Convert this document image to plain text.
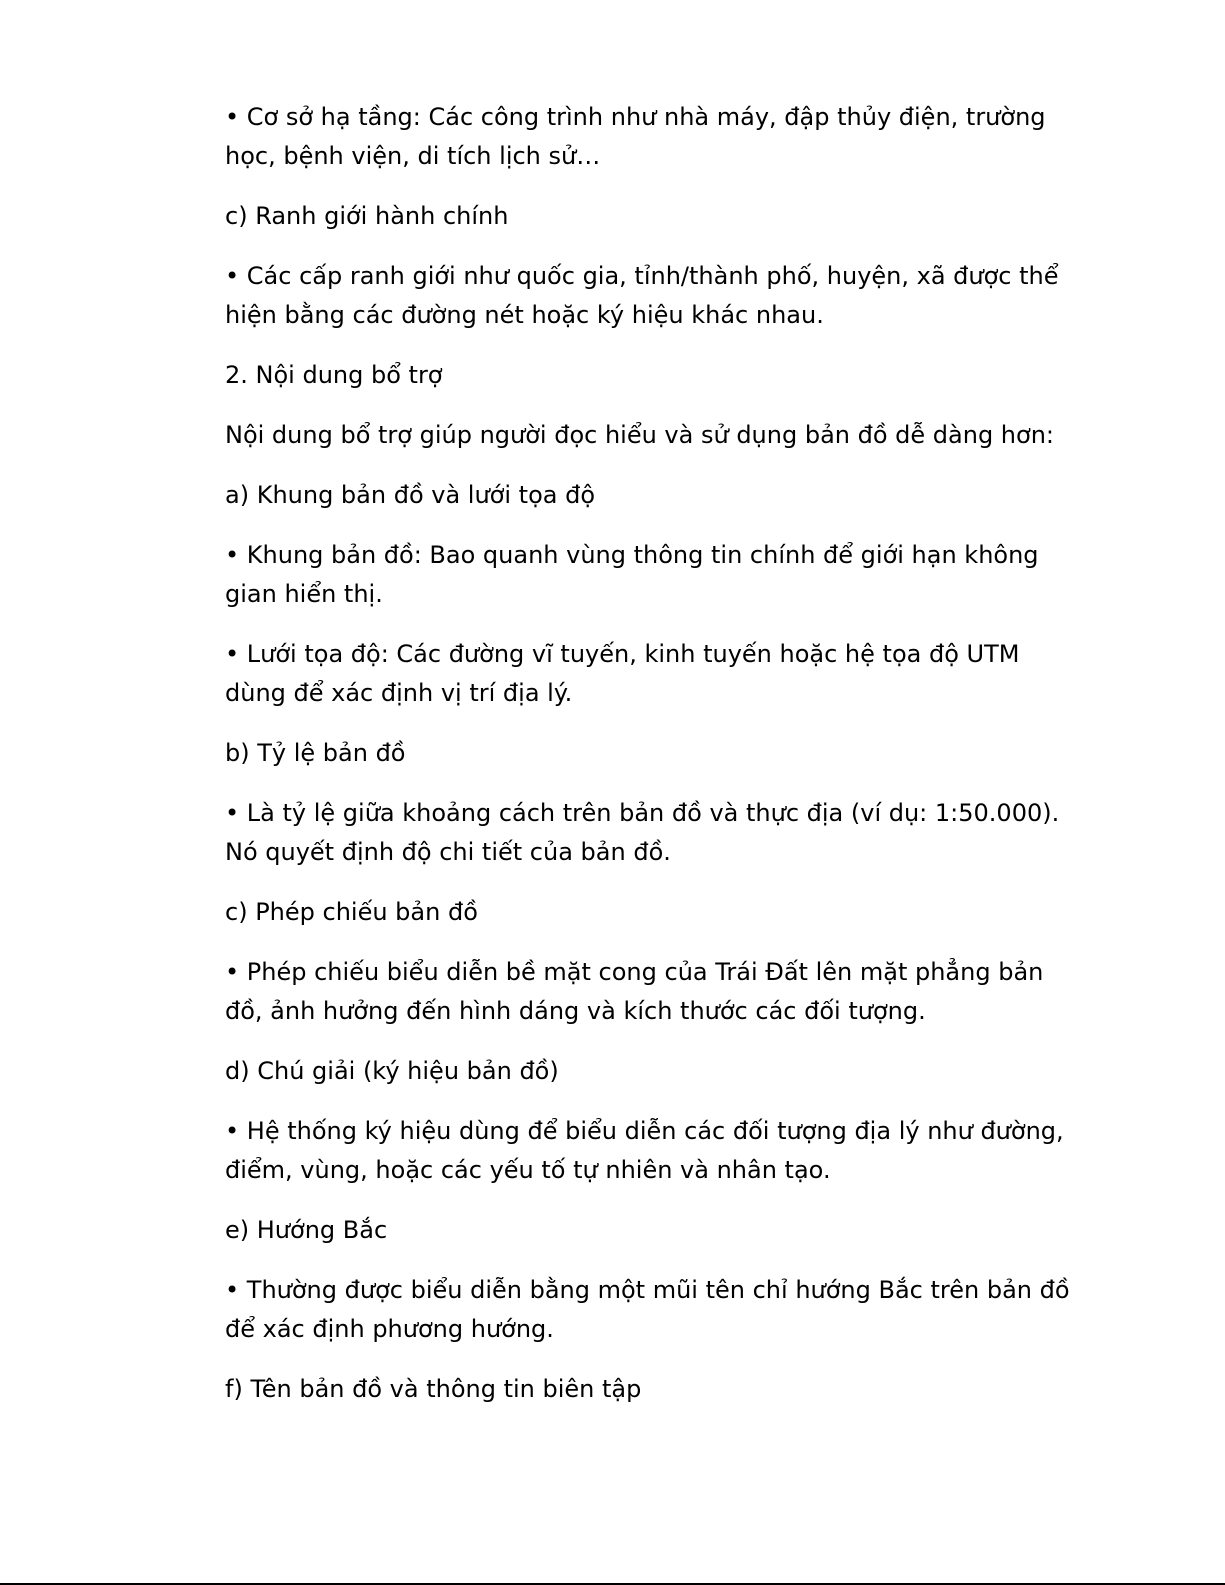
• Cơ sở hạ tầng: Các công trình như nhà máy, đập thủy điện, trường học, bệnh viện, di tích lịch sử…

c) Ranh giới hành chính

• Các cấp ranh giới như quốc gia, tỉnh/thành phố, huyện, xã được thể hiện bằng các đường nét hoặc ký hiệu khác nhau.

2. Nội dung bổ trợ

Nội dung bổ trợ giúp người đọc hiểu và sử dụng bản đồ dễ dàng hơn:

a) Khung bản đồ và lưới tọa độ

• Khung bản đồ: Bao quanh vùng thông tin chính để giới hạn không gian hiển thị.

• Lưới tọa độ: Các đường vĩ tuyến, kinh tuyến hoặc hệ tọa độ UTM dùng để xác định vị trí địa lý.

b) Tỷ lệ bản đồ

• Là tỷ lệ giữa khoảng cách trên bản đồ và thực địa (ví dụ: 1:50.000). Nó quyết định độ chi tiết của bản đồ.

c) Phép chiếu bản đồ

• Phép chiếu biểu diễn bề mặt cong của Trái Đất lên mặt phẳng bản đồ, ảnh hưởng đến hình dáng và kích thước các đối tượng.

d) Chú giải (ký hiệu bản đồ)

• Hệ thống ký hiệu dùng để biểu diễn các đối tượng địa lý như đường, điểm, vùng, hoặc các yếu tố tự nhiên và nhân tạo.

e) Hướng Bắc

• Thường được biểu diễn bằng một mũi tên chỉ hướng Bắc trên bản đồ để xác định phương hướng.

f) Tên bản đồ và thông tin biên tập
